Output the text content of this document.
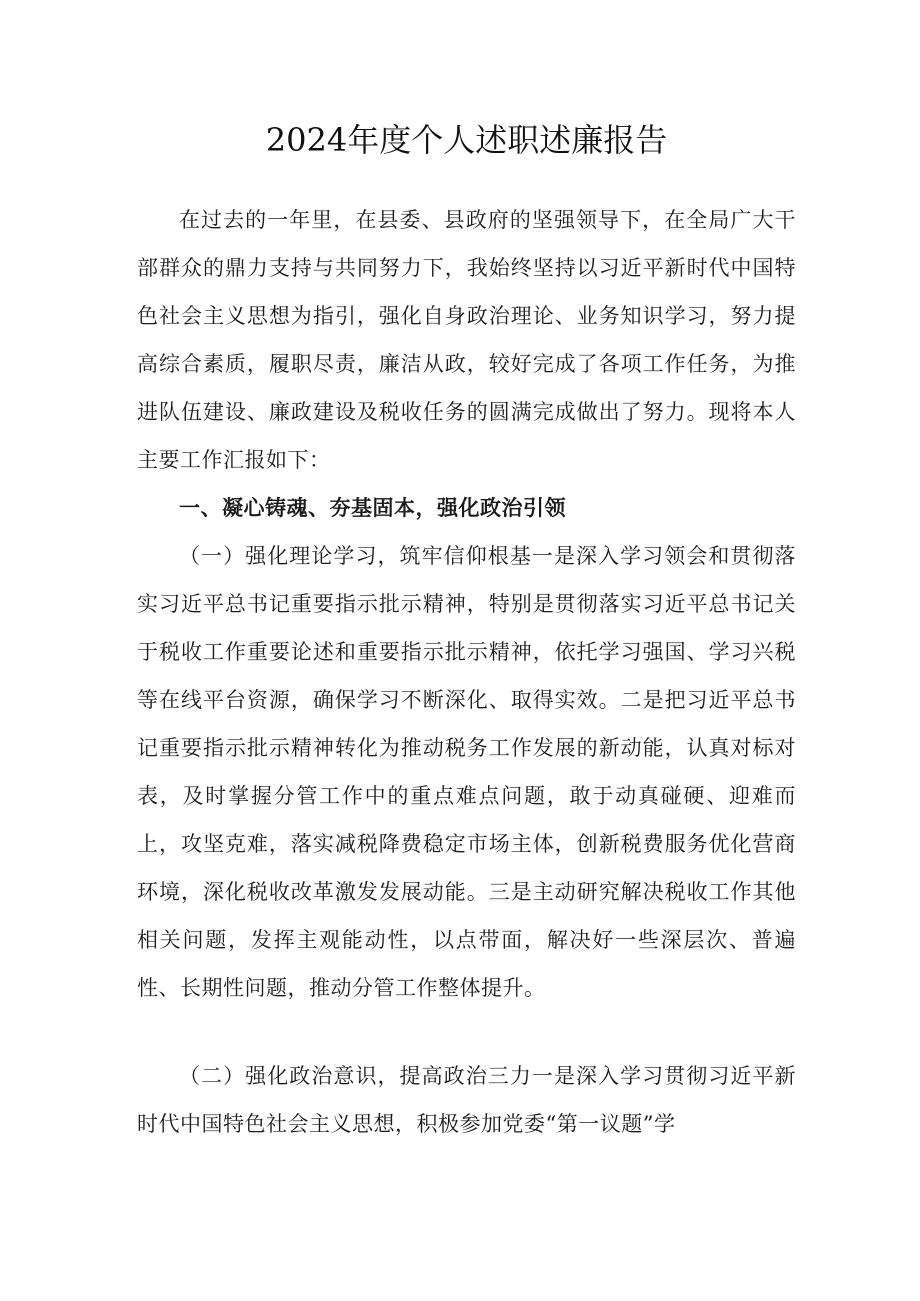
2024年度个人述职述廉报告

在过去的一年里，在县委、县政府的坚强领导下，在全局广大干部群众的鼎力支持与共同努力下，我始终坚持以习近平新时代中国特色社会主义思想为指引，强化自身政治理论、业务知识学习，努力提高综合素质，履职尽责，廉洁从政，较好完成了各项工作任务，为推进队伍建设、廉政建设及税收任务的圆满完成做出了努力。现将本人主要工作汇报如下：

一、凝心铸魂、夯基固本，强化政治引领

（一）强化理论学习，筑牢信仰根基一是深入学习领会和贯彻落实习近平总书记重要指示批示精神，特别是贯彻落实习近平总书记关于税收工作重要论述和重要指示批示精神，依托学习强国、学习兴税等在线平台资源，确保学习不断深化、取得实效。二是把习近平总书记重要指示批示精神转化为推动税务工作发展的新动能，认真对标对表，及时掌握分管工作中的重点难点问题，敢于动真碰硬、迎难而上，攻坚克难，落实减税降费稳定市场主体，创新税费服务优化营商环境，深化税收改革激发发展动能。三是主动研究解决税收工作其他相关问题，发挥主观能动性，以点带面，解决好一些深层次、普遍性、长期性问题，推动分管工作整体提升。

（二）强化政治意识，提高政治三力一是深入学习贯彻习近平新时代中国特色社会主义思想，积极参加党委“第一议题”学
